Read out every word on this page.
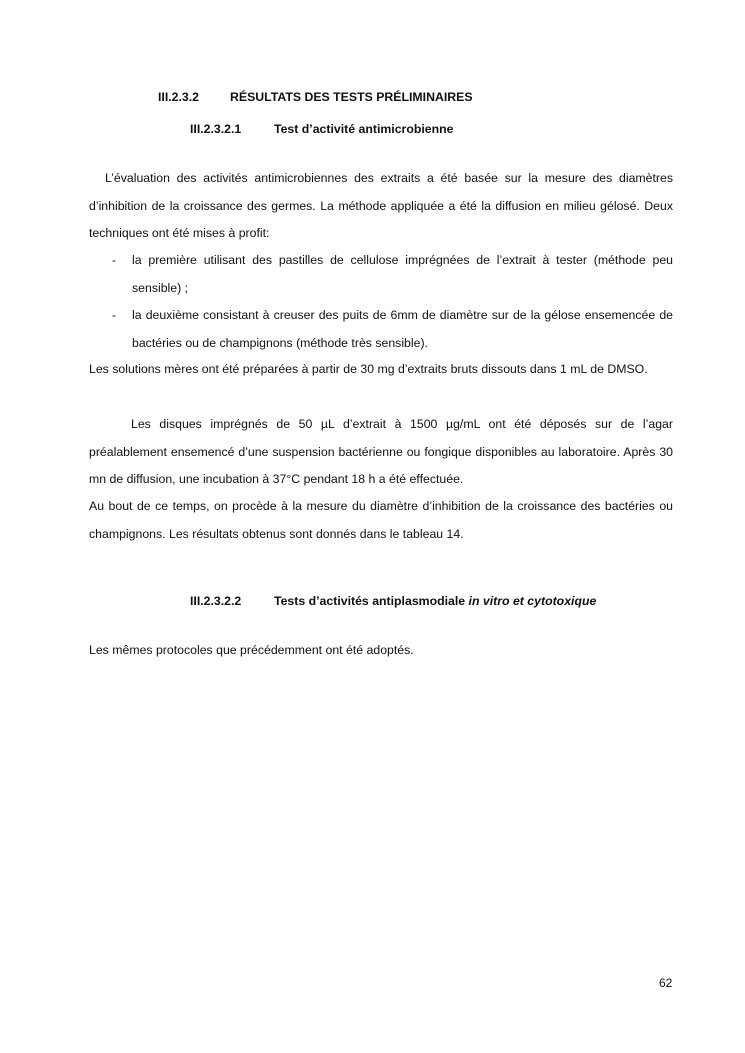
III.2.3.2	RÉSULTATS DES TESTS PRÉLIMINAIRES
III.2.3.2.1	Test d’activité antimicrobienne
L’évaluation des activités antimicrobiennes des extraits a été basée sur la mesure des diamètres d’inhibition de la croissance des germes. La méthode appliquée a été la diffusion en milieu gélosé. Deux techniques ont été mises à profit:
- la première utilisant des pastilles de cellulose imprégnées de l’extrait à tester (méthode peu sensible) ;
- la deuxième consistant à creuser des puits de 6mm de diamètre sur de la gélose ensemencée de bactéries ou de champignons (méthode très sensible).
Les solutions mères ont été préparées à partir de 30 mg d’extraits bruts dissouts dans 1 mL de DMSO.
Les disques imprégnés de 50 µL d’extrait à 1500 µg/mL ont été déposés sur de l’agar préalablement ensemencé d’une suspension bactérienne ou fongique disponibles au laboratoire. Après 30 mn de diffusion, une incubation à 37°C pendant 18 h a été effectuée.
Au bout de ce temps, on procède à la mesure du diamètre d’inhibition de la croissance des bactéries ou champignons. Les résultats obtenus sont donnés dans le tableau 14.
III.2.3.2.2	Tests d’activités antiplasmodiale in vitro et cytotoxique
Les mêmes protocoles que précédemment ont été adoptés.
62
